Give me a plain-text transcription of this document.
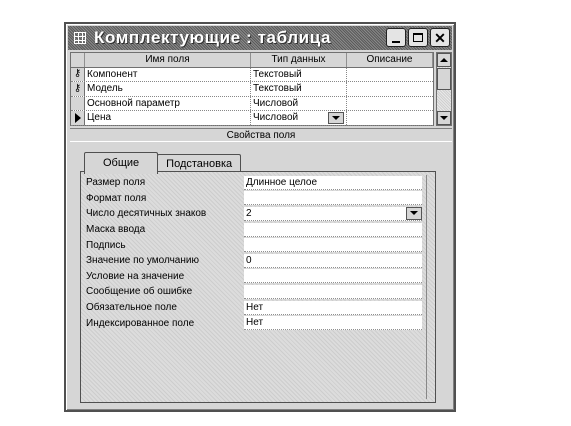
Комплектующие : таблица	✕
Имя поля	Тип данных	Описание
⚷ Компонент	Текстовый
⚷ Модель	Текстовый
Основной параметр	Числовой
Цена	Числовой
Свойства поля
Общие	Подстановка
Размер поля	Длинное целое
Формат поля
Число десятичных знаков	2
Маска ввода
Подпись
Значение по умолчанию	0
Условие на значение
Сообщение об ошибке
Обязательное поле	Нет
Индексированное поле	Нет
